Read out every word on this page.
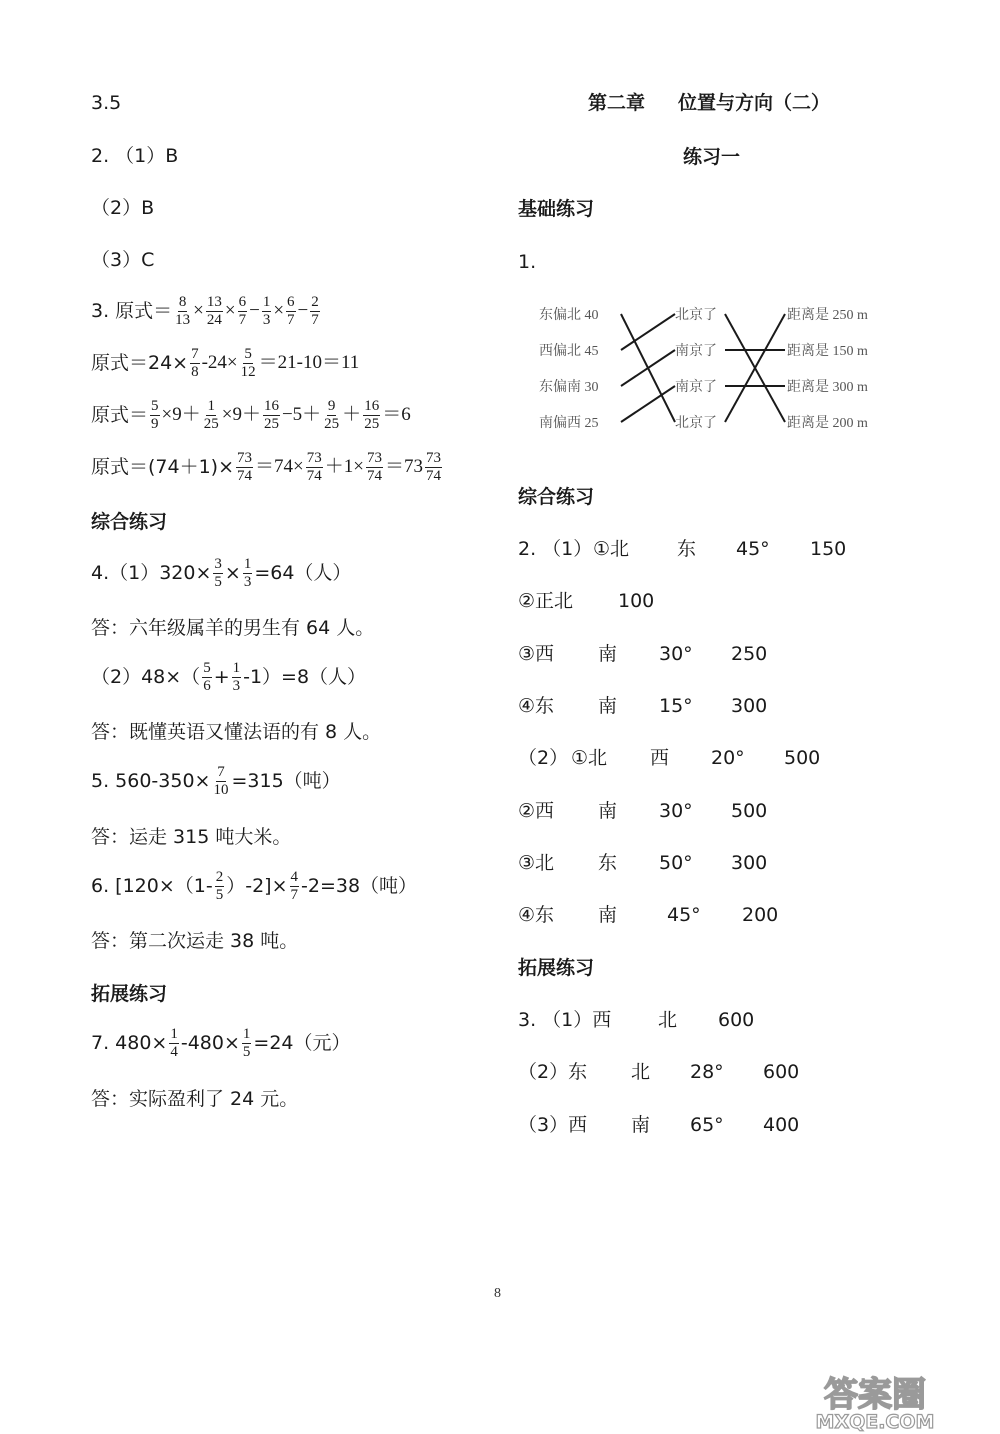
3.5
2. （1）B
（2）B
（3）C
3. 原式＝ $\frac{8}{13} \times \frac{13}{24} \times \frac{6}{7} - \frac{1}{3} \times \frac{6}{7} - \frac{2}{7}$
原式$=24\times \frac{7}{8} -24\times \frac{5}{12} =21-10=11$
原式＝ $\frac{5}{9} \times 9+ \frac{1}{25} \times 9+ \frac{16}{25} -5+ \frac{9}{25} + \frac{16}{25} =6$
原式$=(74+1)\times \frac{73}{74} =74\times \frac{73}{74} +1\times \frac{73}{74} =73 \frac{73}{74}$
综合练习
$4.(1)320\times \frac{3}{5} \times \frac{1}{3} =64$（人）
答：六年级属羊的男生有 64 人。
$(2)48\times( \frac{5}{6} + \frac{1}{3} -1)=8$（人）
答：既懂英语又懂法语的有 8 人。
5. $560-350\times \frac{7}{10} =315$（吨）
答：运走 315 吨大米。
6. $[120\times(1- \frac{2}{5} )-2]\times \frac{4}{7} -2=38$（吨）
答：第二次运走 38 吨。
拓展练习
7. $480\times \frac{1}{4} -480\times \frac{1}{5} =24$（元）
答：实际盈利了 24 元。
第二章 位置与方向（二）
练习一
基础练习
1.
东偏北 40
西偏北 45
东偏南 30
南偏西 25
北京了
南京了
南京了
北京了
距离是 250 m
距离是 150 m
距离是 300 m
距离是 200 m
综合练习
2. （1） ①北	东 45° 150
②正北 100
③西 南 30° 250
④东 南 15° 300
（2） ①北 西 20° 500
②西 南 30° 500
③北 东 50° 300
④东 南	45° 200
拓展练习
3. （1）西 北 600
（2）东 北 28° 600
（3）西 南 65° 400
8
答案圈
MXQE.COM
